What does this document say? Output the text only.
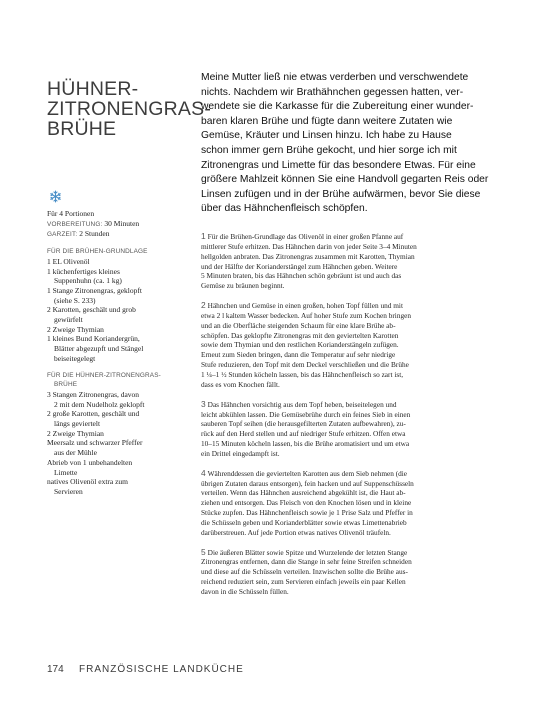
HÜHNER-
ZITRONENGRAS-
BRÜHE
Meine Mutter ließ nie etwas verderben und verschwendete
nichts. Nachdem wir Brathähnchen gegessen hatten, ver-
wendete sie die Karkasse für die Zubereitung einer wunder-
baren klaren Brühe und fügte dann weitere Zutaten wie
Gemüse, Kräuter und Linsen hinzu. Ich habe zu Hause
schon immer gern Brühe gekocht, und hier sorge ich mit
Zitronengras und Limette für das besondere Etwas. Für eine
größere Mahlzeit können Sie eine Handvoll gegarten Reis oder
Linsen zufügen und in der Brühe aufwärmen, bevor Sie diese
über das Hähnchenfleisch schöpfen.
Für 4 Portionen
VORBEREITUNG: 30 Minuten
GARZEIT: 2 Stunden
FÜR DIE BRÜHEN-GRUNDLAGE
1 EL Olivenöl
1 küchenfertiges kleines
Suppenhuhn (ca. 1 kg)
1 Stange Zitronengras, geklopft
(siehe S. 233)
2 Karotten, geschält und grob
gewürfelt
2 Zweige Thymian
1 kleines Bund Koriandergrün,
Blätter abgezupft und Stängel
beiseitegelegt
FÜR DIE HÜHNER-ZITRONENGRAS-
BRÜHE
3 Stangen Zitronengras, davon
2 mit dem Nudelholz geklopft
2 große Karotten, geschält und
längs geviertelt
2 Zweige Thymian
Meersalz und schwarzer Pfeffer
aus der Mühle
Abrieb von 1 unbehandelten
Limette
natives Olivenöl extra zum
Servieren
1 Für die Brühen-Grundlage das Olivenöl in einer großen Pfanne auf
mittlerer Stufe erhitzen. Das Hähnchen darin von jeder Seite 3–4 Minuten
hellgolden anbraten. Das Zitronengras zusammen mit Karotten, Thymian
und der Hälfte der Korianderstängel zum Hähnchen geben. Weitere
5 Minuten braten, bis das Hähnchen schön gebräunt ist und auch das
Gemüse zu bräunen beginnt.
2 Hähnchen und Gemüse in einen großen, hohen Topf füllen und mit
etwa 2 l kaltem Wasser bedecken. Auf hoher Stufe zum Kochen bringen
und an die Oberfläche steigenden Schaum für eine klare Brühe ab-
schöpfen. Das geklopfte Zitronengras mit den geviertelten Karotten
sowie dem Thymian und den restlichen Korianderstängeln zufügen.
Erneut zum Sieden bringen, dann die Temperatur auf sehr niedrige
Stufe reduzieren, den Topf mit dem Deckel verschließen und die Brühe
1 ¼–1 ½ Stunden köcheln lassen, bis das Hähnchenfleisch so zart ist,
dass es vom Knochen fällt.
3 Das Hähnchen vorsichtig aus dem Topf heben, beiseitelegen und
leicht abkühlen lassen. Die Gemüsebrühe durch ein feines Sieb in einen
sauberen Topf seihen (die herausgefilterten Zutaten aufbewahren), zu-
rück auf den Herd stellen und auf niedriger Stufe erhitzen. Offen etwa
10–15 Minuten köcheln lassen, bis die Brühe aromatisiert und um etwa
ein Drittel eingedampft ist.
4 Währenddessen die geviertelten Karotten aus dem Sieb nehmen (die
übrigen Zutaten daraus entsorgen), fein hacken und auf Suppenschüsseln
verteilen. Wenn das Hähnchen ausreichend abgekühlt ist, die Haut ab-
ziehen und entsorgen. Das Fleisch von den Knochen lösen und in kleine
Stücke zupfen. Das Hähnchenfleisch sowie je 1 Prise Salz und Pfeffer in
die Schüsseln geben und Korianderblätter sowie etwas Limettenabrieb
darüberstreuen. Auf jede Portion etwas natives Olivenöl träufeln.
5 Die äußeren Blätter sowie Spitze und Wurzelende der letzten Stange
Zitronengras entfernen, dann die Stange in sehr feine Streifen schneiden
und diese auf die Schüsseln verteilen. Inzwischen sollte die Brühe aus-
reichend reduziert sein, zum Servieren einfach jeweils ein paar Kellen
davon in die Schüsseln füllen.
174 FRANZÖSISCHE LANDKÜCHE
